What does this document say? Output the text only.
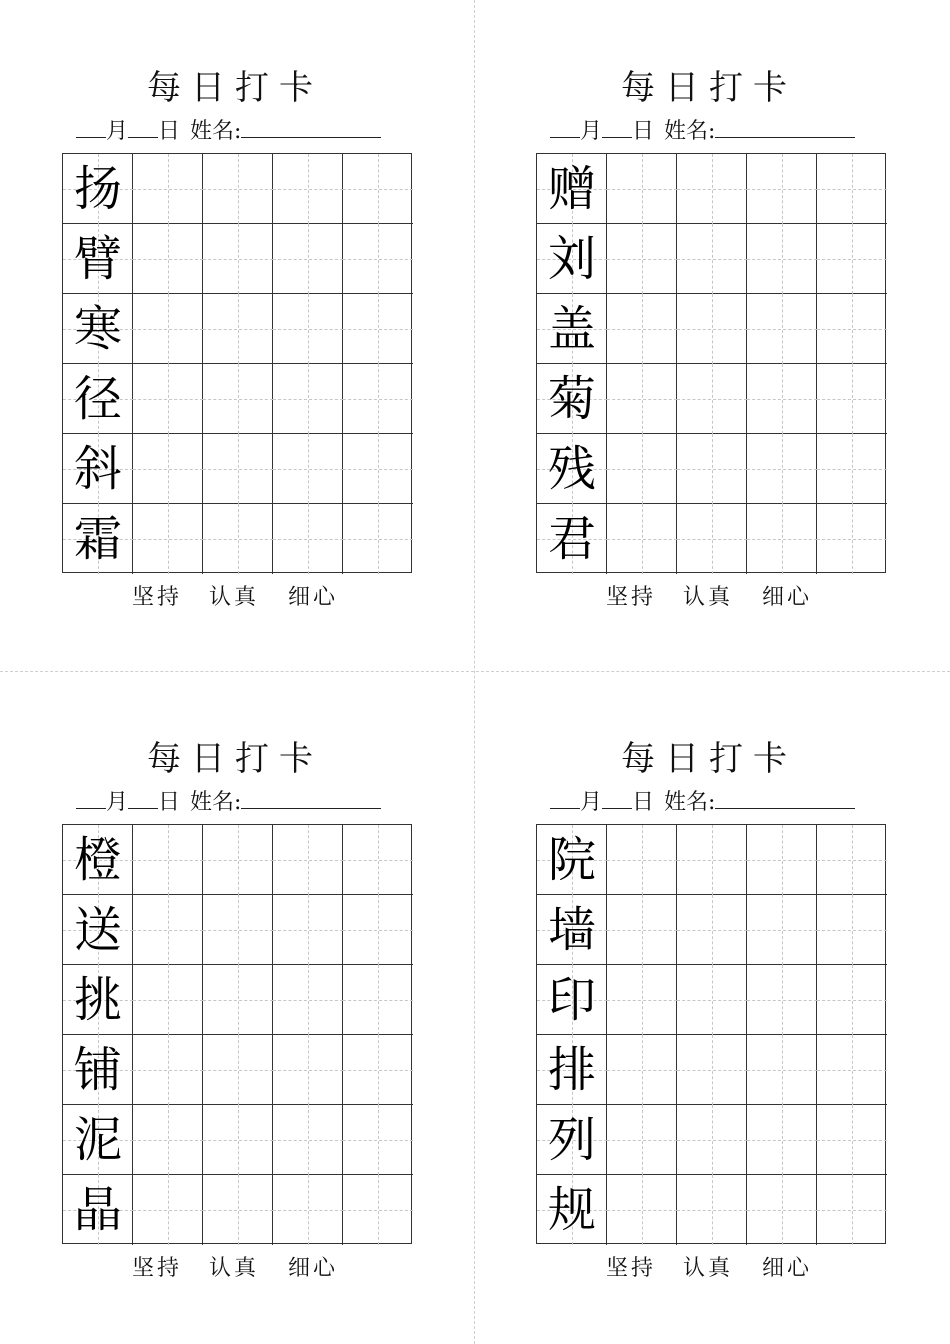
每日打卡
月 日 姓名:
扬
臂
寒
径
斜
霜
坚持 认真 细心
每日打卡
月 日 姓名:
赠
刘
盖
菊
残
君
坚持 认真 细心
每日打卡
月 日 姓名:
橙
送
挑
铺
泥
晶
坚持 认真 细心
每日打卡
月 日 姓名:
院
墙
印
排
列
规
坚持 认真 细心
